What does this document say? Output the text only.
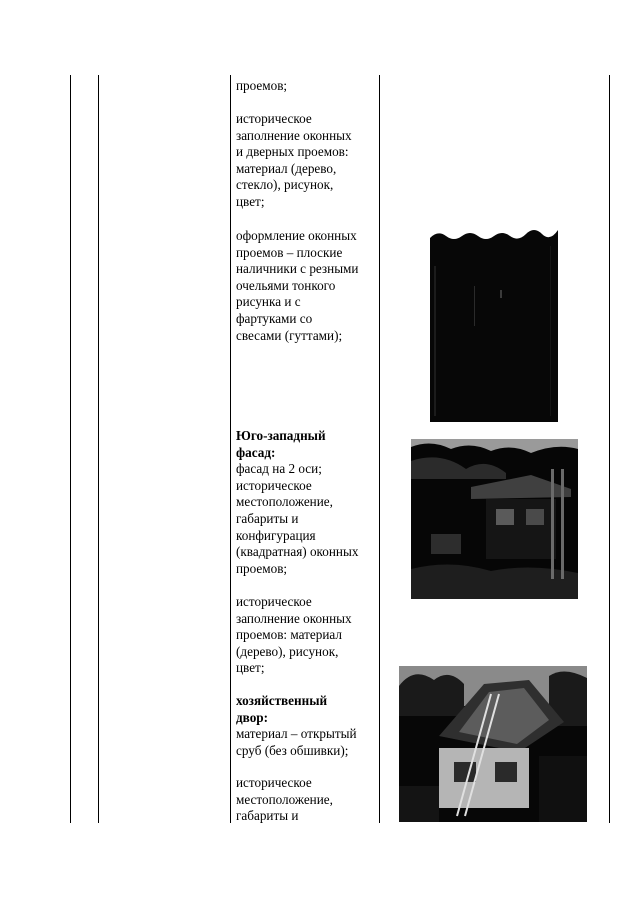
проемов;

историческое

заполнение оконных

и дверных проемов:

материал (дерево,

стекло), рисунок,

цвет;

оформление оконных

проемов – плоские

наличники с резными

очельями тонкого

рисунка и с

фартуками со

свесами (гуттами);

Юго-западный

фасад:

фасад на 2 оси;

историческое

местоположение,

габариты и

конфигурация

(квадратная) оконных

проемов;

историческое

заполнение оконных

проемов: материал

(дерево), рисунок,

цвет;

хозяйственный

двор:

материал – открытый

сруб (без обшивки);

историческое

местоположение,

габариты и
